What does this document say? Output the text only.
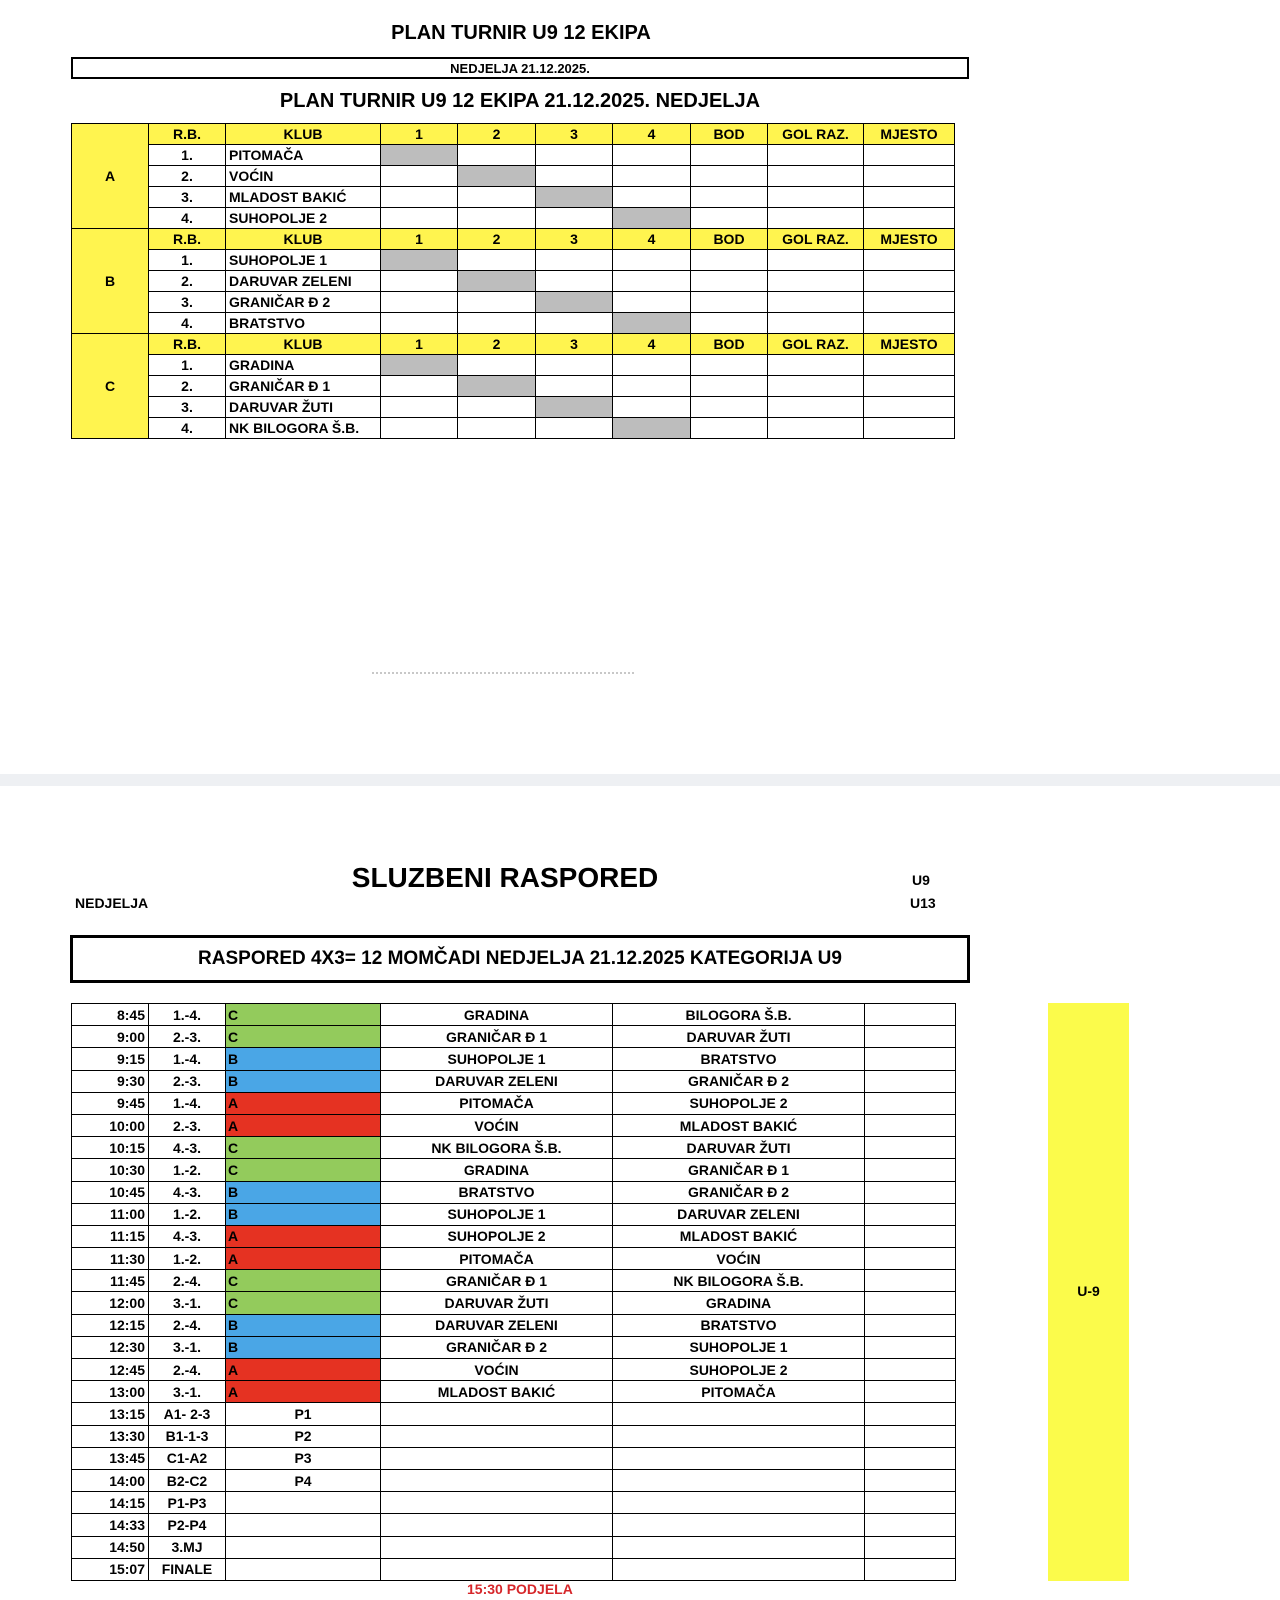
PLAN TURNIR U9 12 EKIPA
NEDJELJA 21.12.2025.
PLAN TURNIR U9 12 EKIPA 21.12.2025. NEDJELJA
A	R.B.	KLUB	1	2	3	4	BOD	GOL RAZ.	MJESTO
	1.	PITOMAČA							
	2.	VOĆIN							
	3.	MLADOST BAKIĆ							
	4.	SUHOPOLJE 2							
B	R.B.	KLUB	1	2	3	4	BOD	GOL RAZ.	MJESTO
	1.	SUHOPOLJE 1							
	2.	DARUVAR ZELENI							
	3.	GRANIČAR Đ 2							
	4.	BRATSTVO							
C	R.B.	KLUB	1	2	3	4	BOD	GOL RAZ.	MJESTO
	1.	GRADINA							
	2.	GRANIČAR Đ 1							
	3.	DARUVAR ŽUTI							
	4.	NK BILOGORA Š.B.							
SLUZBENI RASPORED
NEDJELJA
U9
U13
RASPORED 4X3= 12 MOMČADI NEDJELJA 21.12.2025 KATEGORIJA U9
8:45	1.-4.	C	GRADINA	BILOGORA Š.B.	
9:00	2.-3.	C	GRANIČAR Đ 1	DARUVAR ŽUTI	
9:15	1.-4.	B	SUHOPOLJE 1	BRATSTVO	
9:30	2.-3.	B	DARUVAR ZELENI	GRANIČAR Đ 2	
9:45	1.-4.	A	PITOMAČA	SUHOPOLJE 2	
10:00	2.-3.	A	VOĆIN	MLADOST BAKIĆ	
10:15	4.-3.	C	NK BILOGORA Š.B.	DARUVAR ŽUTI	
10:30	1.-2.	C	GRADINA	GRANIČAR Đ 1	
10:45	4.-3.	B	BRATSTVO	GRANIČAR Đ 2	
11:00	1.-2.	B	SUHOPOLJE 1	DARUVAR ZELENI	
11:15	4.-3.	A	SUHOPOLJE 2	MLADOST BAKIĆ	
11:30	1.-2.	A	PITOMAČA	VOĆIN	
11:45	2.-4.	C	GRANIČAR Đ 1	NK BILOGORA Š.B.	
12:00	3.-1.	C	DARUVAR ŽUTI	GRADINA	
12:15	2.-4.	B	DARUVAR ZELENI	BRATSTVO	
12:30	3.-1.	B	GRANIČAR Đ 2	SUHOPOLJE 1	
12:45	2.-4.	A	VOĆIN	SUHOPOLJE 2	
13:00	3.-1.	A	MLADOST BAKIĆ	PITOMAČA	
13:15	A1- 2-3	P1			
13:30	B1-1-3	P2			
13:45	C1-A2	P3			
14:00	B2-C2	P4			
14:15	P1-P3				
14:33	P2-P4				
14:50	3.MJ				
15:07	FINALE				
U-9
15:30 PODJELA
